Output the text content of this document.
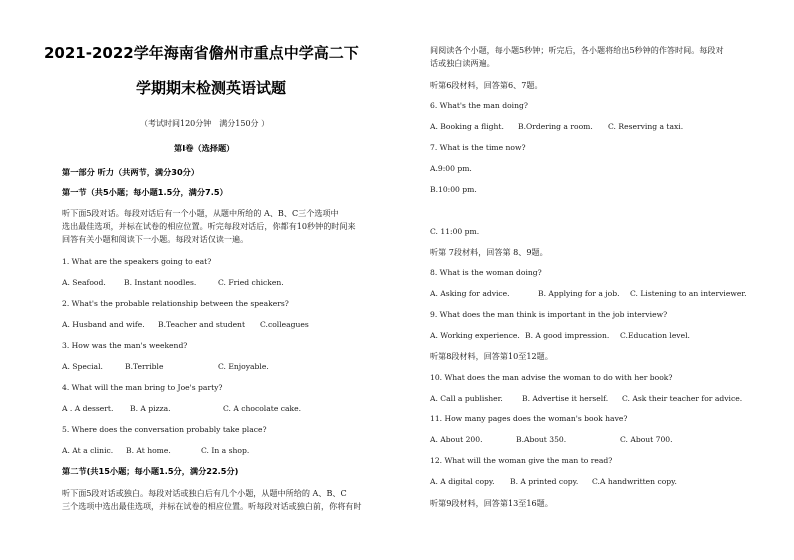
2021-2022学年海南省儋州市重点中学高二下
学期期末检测英语试题
（考试时间120分钟　满分150分 ）
第Ⅰ卷（选择题）
第一部分 听力（共两节，满分30分）
第一节（共5小题；每小题1.5分，满分7.5）
听下面5段对话。每段对话后有一个小题，从题中所给的 A、B、C三个选项中
选出最佳选项，并标在试卷的相应位置。听完每段对话后，你都有10秒钟的时间来
回答有关小题和阅读下一小题。每段对话仅读一遍。
1. What are the speakers going to eat?
A. Seafood. B. Instant noodles.	C. Fried chicken.
2. What's the probable relationship between the speakers?
A. Husband and wife. B.Teacher and student C.colleagues
3. How was the man's weekend?
A. Special.	B.Terrible	C. Enjoyable.
4. What will the man bring to Joe's party?
A . A dessert. B. A pizza.	C. A chocolate cake.
5. Where does the conversation probably take place?
A. At a clinic. B. At home.	C. In a shop.
第二节(共15小题；每小题1.5分，满分22.5分)
听下面5段对话或独白。每段对话或独白后有几个小题，从题中所给的 A、B、C
三个选项中选出最佳选项，并标在试卷的相应位置。听每段对话或独白前，你将有时
间阅读各个小题，每小题5秒钟；听完后，各小题将给出5秒钟的作答时间。每段对
话或独白读两遍。
听第6段材料，回答第6、7题。
6. What's the man doing?
A. Booking a flight. B.Ordering a room. C. Reserving a taxi.
7. What is the time now?
A.9:00 pm.
B.10:00 pm.
C. 11:00 pm.
听第 7段材料，回答第 8、9题。
8. What is the woman doing?
A. Asking for advice.	B. Applying for a job. C. Listening to an interviewer.
9. What does the man think is important in the job interview?
A. Working experience. B. A good impression. C.Education level.
听第8段材料，回答第10至12题。
10. What does the man advise the woman to do with her book?
A. Call a publisher.	B. Advertise it herself. C. Ask their teacher for advice.
11. How many pages does the woman's book have?
A. About 200.	B.About 350.	C. About 700.
12. What will the woman give the man to read?
A. A digital copy. B. A printed copy. C.A handwritten copy.
听第9段材料，回答第13至16题。
